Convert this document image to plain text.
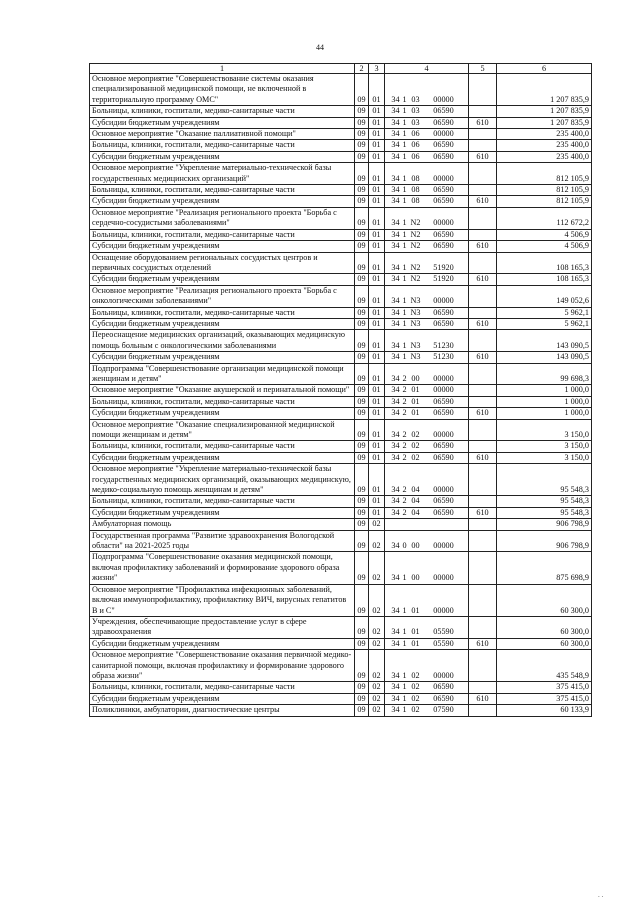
44
1	2	3	4	5	6
Основное мероприятие "Совершенствование системы оказания специализированной медицинской помощи, не включенной в территориальную программу ОМС"	09	01	34 1 03 00000		1 207 835,9
Больницы, клиники, госпитали, медико-санитарные части	09	01	34 1 03 06590		1 207 835,9
Субсидии бюджетным учреждениям	09	01	34 1 03 06590	610	1 207 835,9
Основное мероприятие "Оказание паллиативной помощи"	09	01	34 1 06 00000		235 400,0
Больницы, клиники, госпитали, медико-санитарные части	09	01	34 1 06 06590		235 400,0
Субсидии бюджетным учреждениям	09	01	34 1 06 06590	610	235 400,0
Основное мероприятие "Укрепление материально-технической базы государственных медицинских организаций"	09	01	34 1 08 00000		812 105,9
Больницы, клиники, госпитали, медико-санитарные части	09	01	34 1 08 06590		812 105,9
Субсидии бюджетным учреждениям	09	01	34 1 08 06590	610	812 105,9
Основное мероприятие "Реализация регионального проекта "Борьба с сердечно-сосудистыми заболеваниями"	09	01	34 1 N2 00000		112 672,2
Больницы, клиники, госпитали, медико-санитарные части	09	01	34 1 N2 06590		4 506,9
Субсидии бюджетным учреждениям	09	01	34 1 N2 06590	610	4 506,9
Оснащение оборудованием региональных сосудистых центров и первичных сосудистых отделений	09	01	34 1 N2 51920		108 165,3
Субсидии бюджетным учреждениям	09	01	34 1 N2 51920	610	108 165,3
Основное мероприятие "Реализация регионального проекта "Борьба с онкологическими заболеваниями"	09	01	34 1 N3 00000		149 052,6
Больницы, клиники, госпитали, медико-санитарные части	09	01	34 1 N3 06590		5 962,1
Субсидии бюджетным учреждениям	09	01	34 1 N3 06590	610	5 962,1
Переоснащение медицинских организаций, оказывающих медицинскую помощь больным с онкологическими заболеваниями	09	01	34 1 N3 51230		143 090,5
Субсидии бюджетным учреждениям	09	01	34 1 N3 51230	610	143 090,5
Подпрограмма "Совершенствование организации медицинской помощи женщинам и детям"	09	01	34 2 00 00000		99 698,3
Основное мероприятие "Оказание акушерской и перинатальной помощи"	09	01	34 2 01 00000		1 000,0
Больницы, клиники, госпитали, медико-санитарные части	09	01	34 2 01 06590		1 000,0
Субсидии бюджетным учреждениям	09	01	34 2 01 06590	610	1 000,0
Основное мероприятие "Оказание специализированной медицинской помощи женщинам и детям"	09	01	34 2 02 00000		3 150,0
Больницы, клиники, госпитали, медико-санитарные части	09	01	34 2 02 06590		3 150,0
Субсидии бюджетным учреждениям	09	01	34 2 02 06590	610	3 150,0
Основное мероприятие "Укрепление материально-технической базы государственных медицинских организаций, оказывающих медицинскую, медико-социальную помощь женщинам и детям"	09	01	34 2 04 00000		95 548,3
Больницы, клиники, госпитали, медико-санитарные части	09	01	34 2 04 06590		95 548,3
Субсидии бюджетным учреждениям	09	01	34 2 04 06590	610	95 548,3
Амбулаторная помощь	09	02			906 798,9
Государственная программа "Развитие здравоохранения Вологодской области" на 2021-2025 годы	09	02	34 0 00 00000		906 798,9
Подпрограмма "Совершенствование оказания медицинской помощи, включая профилактику заболеваний и формирование здорового образа жизни"	09	02	34 1 00 00000		875 698,9
Основное мероприятие "Профилактика инфекционных заболеваний, включая иммунопрофилактику, профилактику ВИЧ, вирусных гепатитов В и С"	09	02	34 1 01 00000		60 300,0
Учреждения, обеспечивающие предоставление услуг в сфере здравоохранения	09	02	34 1 01 05590		60 300,0
Субсидии бюджетным учреждениям	09	02	34 1 01 05590	610	60 300,0
Основное мероприятие "Совершенствование оказания первичной медико-санитарной помощи, включая профилактику и формирование здорового образа жизни"	09	02	34 1 02 00000		435 548,9
Больницы, клиники, госпитали, медико-санитарные части	09	02	34 1 02 06590		375 415,0
Субсидии бюджетным учреждениям	09	02	34 1 02 06590	610	375 415,0
Поликлиники, амбулатории, диагностические центры	09	02	34 1 02 07590		60 133,9
. .
